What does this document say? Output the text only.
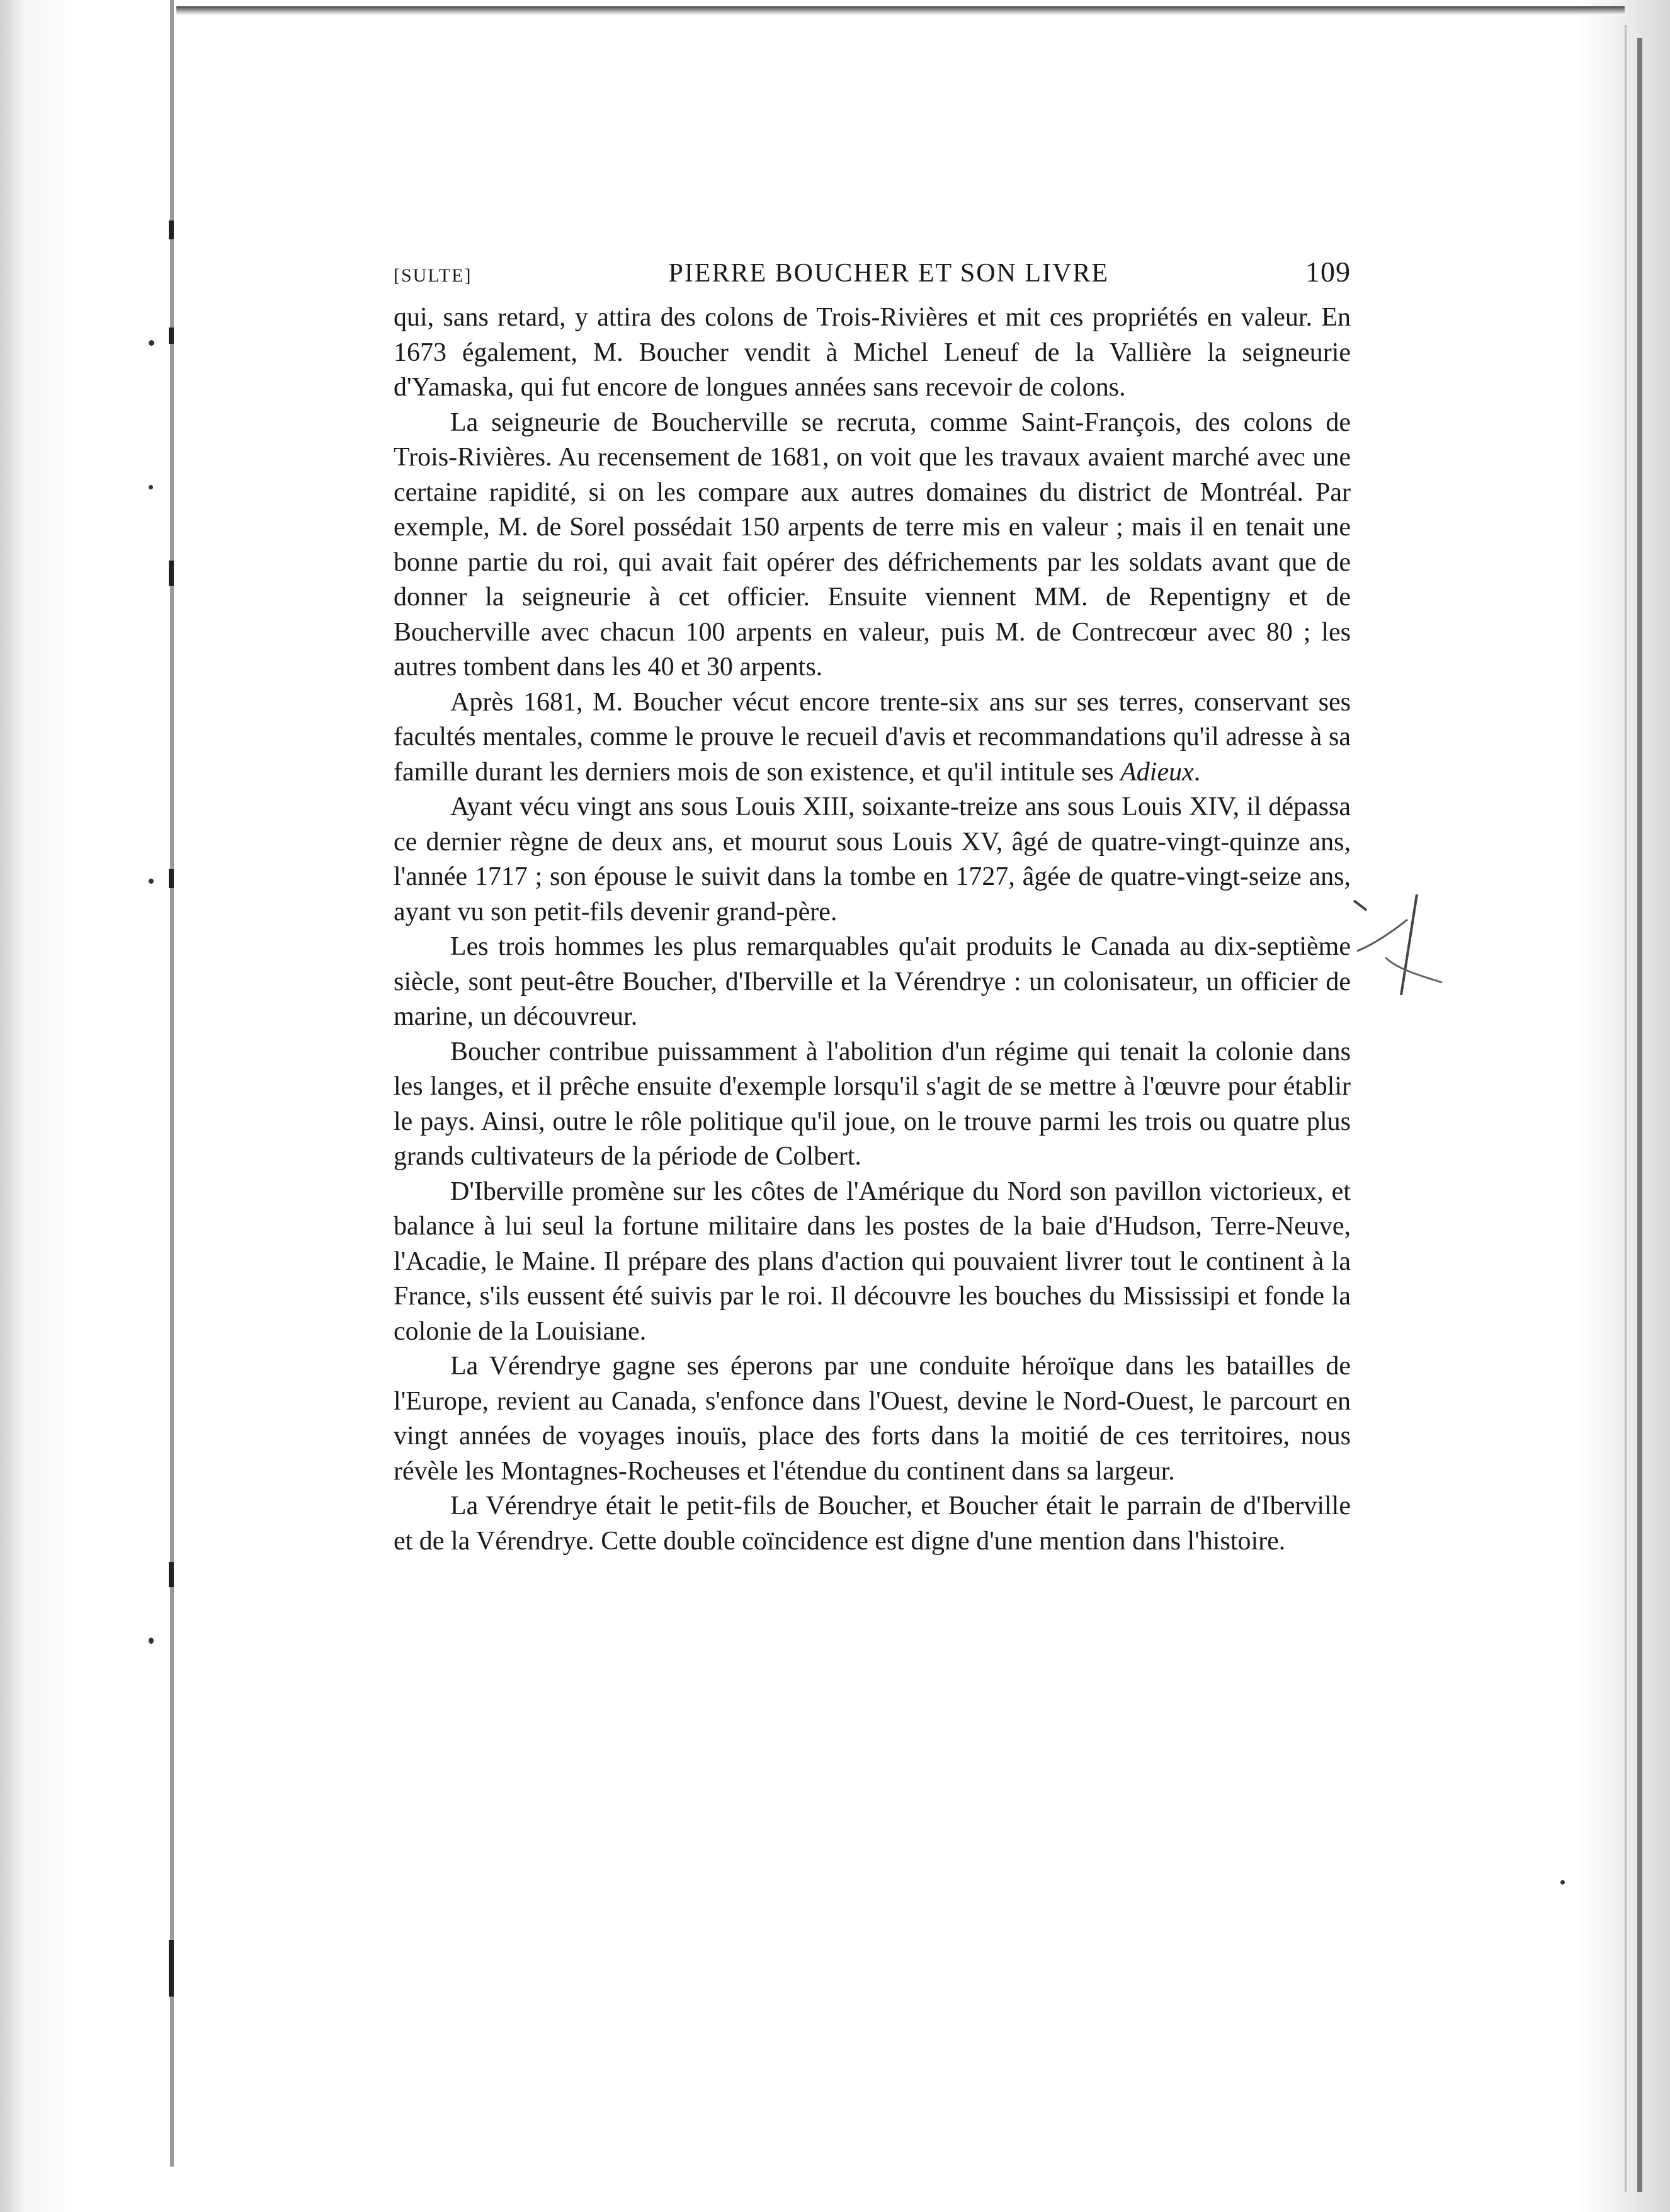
[SULTE]	PIERRE BOUCHER ET SON LIVRE	109

qui, sans retard, y attira des colons de Trois-Rivières et mit ces propriétés en valeur. En 1673 également, M. Boucher vendit à Michel Leneuf de la Vallière la seigneurie d'Yamaska, qui fut encore de longues années sans recevoir de colons.

La seigneurie de Boucherville se recruta, comme Saint-François, des colons de Trois-Rivières. Au recensement de 1681, on voit que les travaux avaient marché avec une certaine rapidité, si on les compare aux autres domaines du district de Montréal. Par exemple, M. de Sorel possédait 150 arpents de terre mis en valeur ; mais il en tenait une bonne partie du roi, qui avait fait opérer des défrichements par les soldats avant que de donner la seigneurie à cet officier. Ensuite viennent MM. de Repentigny et de Boucherville avec chacun 100 arpents en valeur, puis M. de Contrecœur avec 80 ; les autres tombent dans les 40 et 30 arpents.

Après 1681, M. Boucher vécut encore trente-six ans sur ses terres, conservant ses facultés mentales, comme le prouve le recueil d'avis et recommandations qu'il adresse à sa famille durant les derniers mois de son existence, et qu'il intitule ses Adieux.

Ayant vécu vingt ans sous Louis XIII, soixante-treize ans sous Louis XIV, il dépassa ce dernier règne de deux ans, et mourut sous Louis XV, âgé de quatre-vingt-quinze ans, l'année 1717 ; son épouse le suivit dans la tombe en 1727, âgée de quatre-vingt-seize ans, ayant vu son petit-fils devenir grand-père.

Les trois hommes les plus remarquables qu'ait produits le Canada au dix-septième siècle, sont peut-être Boucher, d'Iberville et la Vérendrye : un colonisateur, un officier de marine, un découvreur.

Boucher contribue puissamment à l'abolition d'un régime qui tenait la colonie dans les langes, et il prêche ensuite d'exemple lorsqu'il s'agit de se mettre à l'œuvre pour établir le pays. Ainsi, outre le rôle politique qu'il joue, on le trouve parmi les trois ou quatre plus grands cultivateurs de la période de Colbert.

D'Iberville promène sur les côtes de l'Amérique du Nord son pavillon victorieux, et balance à lui seul la fortune militaire dans les postes de la baie d'Hudson, Terre-Neuve, l'Acadie, le Maine. Il prépare des plans d'action qui pouvaient livrer tout le continent à la France, s'ils eussent été suivis par le roi. Il découvre les bouches du Mississipi et fonde la colonie de la Louisiane.

La Vérendrye gagne ses éperons par une conduite héroïque dans les batailles de l'Europe, revient au Canada, s'enfonce dans l'Ouest, devine le Nord-Ouest, le parcourt en vingt années de voyages inouïs, place des forts dans la moitié de ces territoires, nous révèle les Montagnes-Rocheuses et l'étendue du continent dans sa largeur.

La Vérendrye était le petit-fils de Boucher, et Boucher était le parrain de d'Iberville et de la Vérendrye. Cette double coïncidence est digne d'une mention dans l'histoire.
